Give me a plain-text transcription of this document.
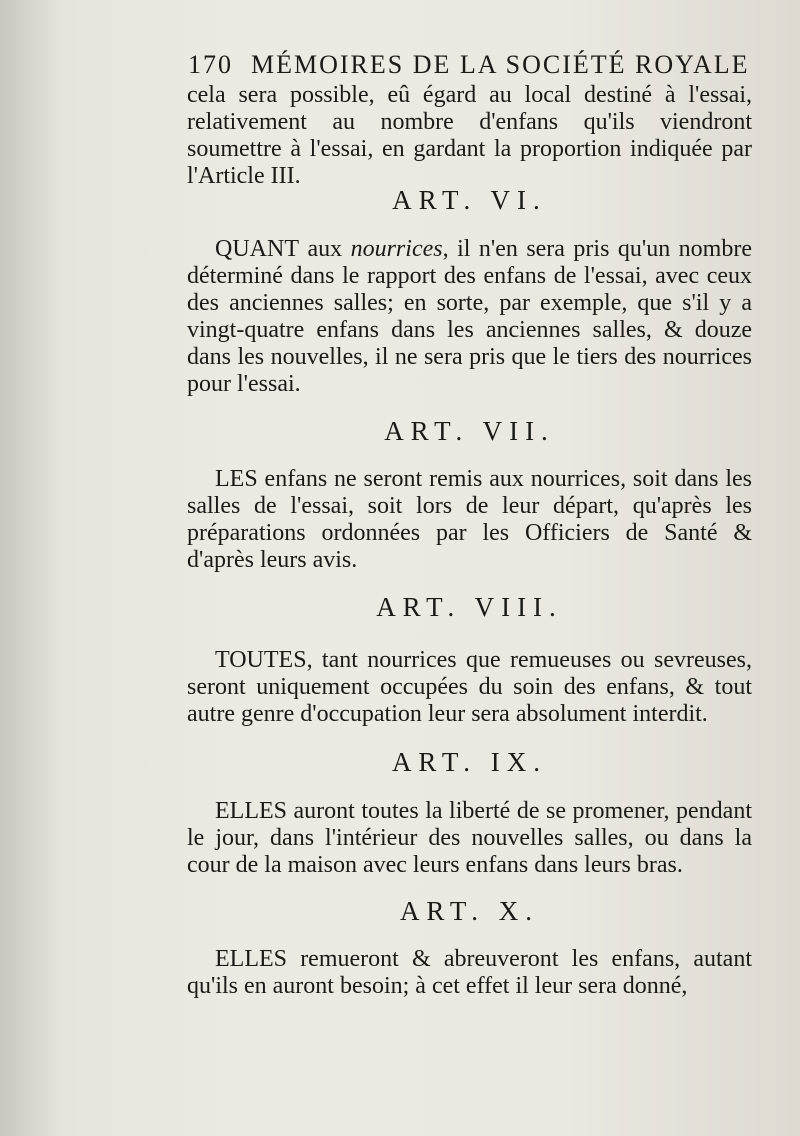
170 MÉMOIRES DE LA SOCIÉTÉ ROYALE

cela sera possible, eû égard au local destiné à l'essai, relativement au nombre d'enfans qu'ils viendront soumettre à l'essai, en gardant la proportion indiquée par l'Article III.

ART. VI.

QUANT aux nourrices, il n'en sera pris qu'un nombre déterminé dans le rapport des enfans de l'essai, avec ceux des anciennes salles; en sorte, par exemple, que s'il y a vingt-quatre enfans dans les anciennes salles, & douze dans les nouvelles, il ne sera pris que le tiers des nourrices pour l'essai.

ART. VII.

LES enfans ne seront remis aux nourrices, soit dans les salles de l'essai, soit lors de leur départ, qu'après les préparations ordonnées par les Officiers de Santé & d'après leurs avis.

ART. VIII.

TOUTES, tant nourrices que remueuses ou sevreuses, seront uniquement occupées du soin des enfans, & tout autre genre d'occupation leur sera absolument interdit.

ART. IX.

ELLES auront toutes la liberté de se promener, pendant le jour, dans l'intérieur des nouvelles salles, ou dans la cour de la maison avec leurs enfans dans leurs bras.

ART. X.

ELLES remueront & abreuveront les enfans, autant qu'ils en auront besoin; à cet effet il leur sera donné,
